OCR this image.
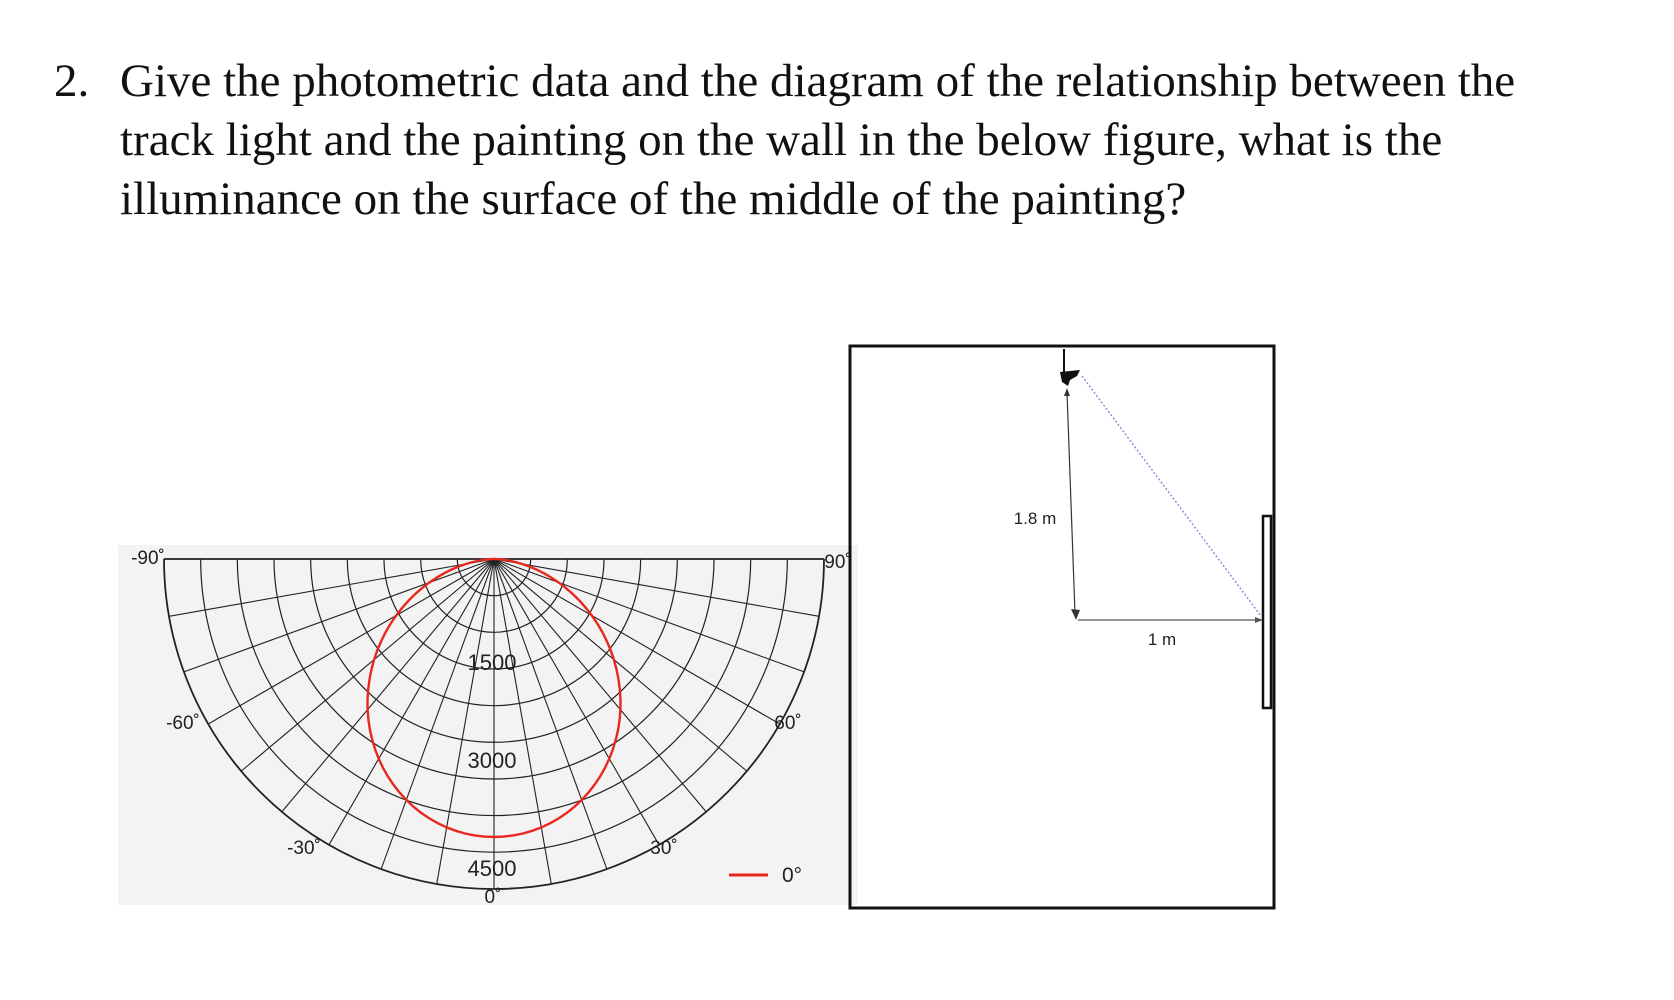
2. Give the photometric data and the diagram of the relationship between the track light and the painting on the wall in the below figure, what is the illuminance on the surface of the middle of the painting?
-90˚	90˚
-60˚	60˚
-30˚	30˚
0˚
1500
3000
4500	0°
1.8 m
1 m
